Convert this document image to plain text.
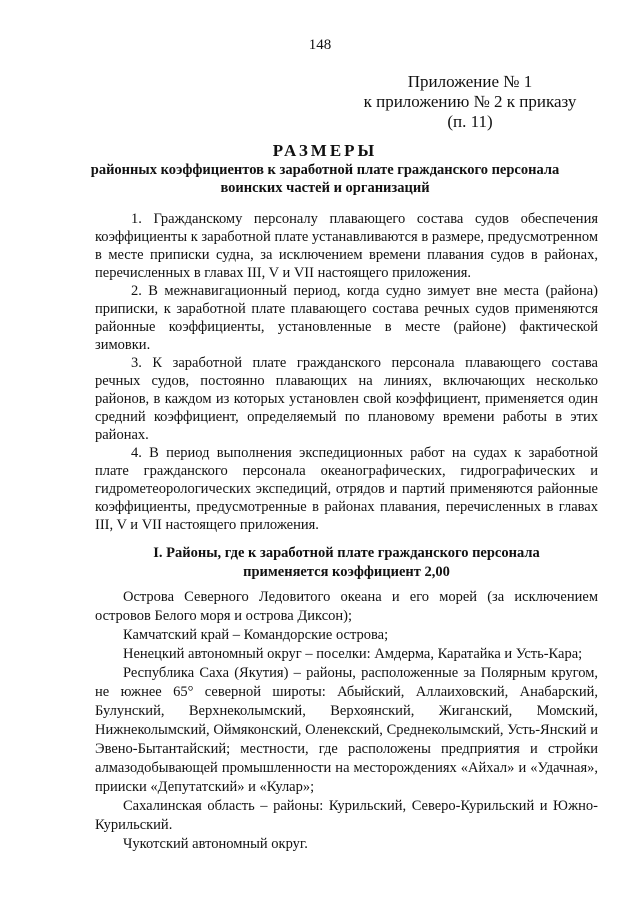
148
Приложение № 1
к приложению № 2 к приказу
(п. 11)
РАЗМЕРЫ
районных коэффициентов к заработной плате гражданского персонала
воинских частей и организаций

1. Гражданскому персоналу плавающего состава судов обеспечения коэффициенты к заработной плате устанавливаются в размере, предусмотренном в месте приписки судна, за исключением времени плавания судов в районах, перечисленных в главах III, V и VII настоящего приложения.

2. В межнавигационный период, когда судно зимует вне места (района) приписки, к заработной плате плавающего состава речных судов применяются районные коэффициенты, установленные в месте (районе) фактической зимовки.

3. К заработной плате гражданского персонала плавающего состава речных судов, постоянно плавающих на линиях, включающих несколько районов, в каждом из которых установлен свой коэффициент, применяется один средний коэффициент, определяемый по плановому времени работы в этих районах.

4. В период выполнения экспедиционных работ на судах к заработной плате гражданского персонала океанографических, гидрографических и гидрометеорологических экспедиций, отрядов и партий применяются районные коэффициенты, предусмотренные в районах плавания, перечисленных в главах III, V и VII настоящего приложения.

I. Районы, где к заработной плате гражданского персонала
применяется коэффициент 2,00

Острова Северного Ледовитого океана и его морей (за исключением островов Белого моря и острова Диксон);

Камчатский край – Командорские острова;

Ненецкий автономный округ – поселки: Амдерма, Каратайка и Усть-Кара;

Республика Саха (Якутия) – районы, расположенные за Полярным кругом, не южнее 65° северной широты: Абыйский, Аллаиховский, Анабарский, Булунский, Верхнеколымский, Верхоянский, Жиганский, Момский, Нижнеколымский, Оймяконский, Оленекский, Среднеколымский, Усть-Янский и Эвено-Бытантайский; местности, где расположены предприятия и стройки алмазодобывающей промышленности на месторождениях «Айхал» и «Удачная», прииски «Депутатский» и «Кулар»;

Сахалинская область – районы: Курильский, Северо-Курильский и Южно-Курильский.

Чукотский автономный округ.
